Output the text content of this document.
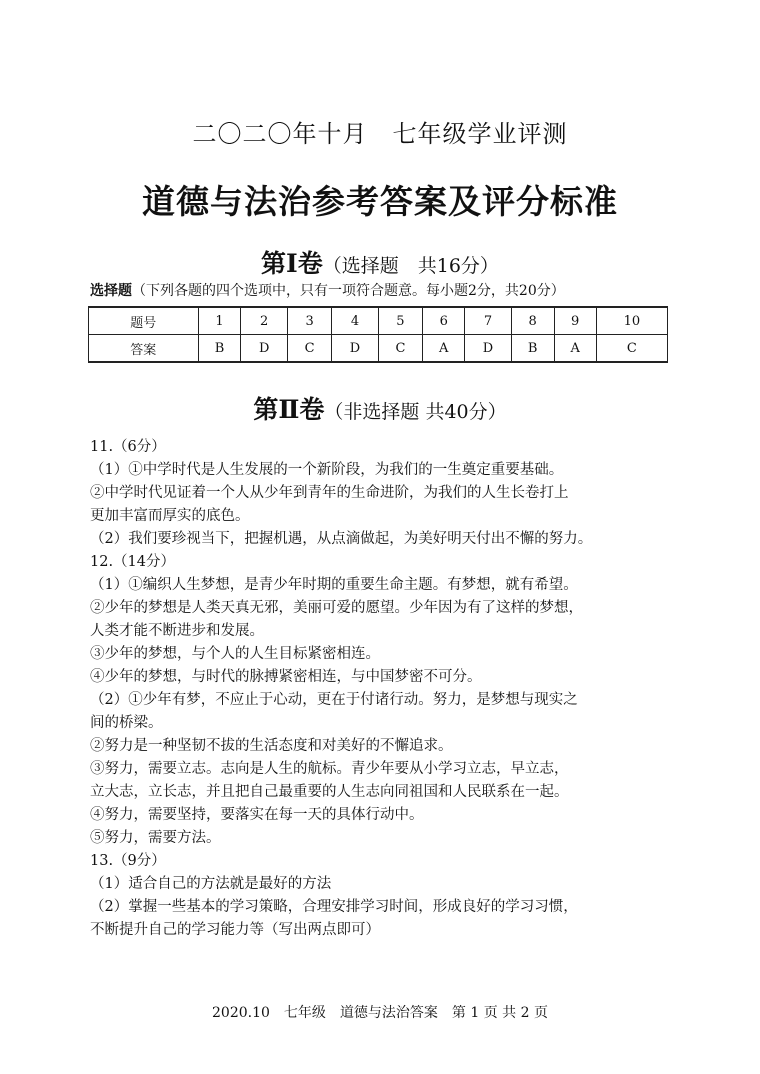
二〇二〇年十月　七年级学业评测
道德与法治参考答案及评分标准
第Ⅰ卷（选择题　共16分）
选择题（下列各题的四个选项中，只有一项符合题意。每小题2分，共20分）
题号	1	2	3	4	5	6	7	8	9	10
答案	B	D	C	D	C	A	D	B	A	C
第Ⅱ卷（非选择题 共40分）

11.（6分）

（1）①中学时代是人生发展的一个新阶段，为我们的一生奠定重要基础。

②中学时代见证着一个人从少年到青年的生命进阶，为我们的人生长卷打上

更加丰富而厚实的底色。

（2）我们要珍视当下，把握机遇，从点滴做起，为美好明天付出不懈的努力。

12.（14分）

（1）①编织人生梦想，是青少年时期的重要生命主题。有梦想，就有希望。

②少年的梦想是人类天真无邪，美丽可爱的愿望。少年因为有了这样的梦想，

人类才能不断进步和发展。

③少年的梦想，与个人的人生目标紧密相连。

④少年的梦想，与时代的脉搏紧密相连，与中国梦密不可分。

（2）①少年有梦，不应止于心动，更在于付诸行动。努力，是梦想与现实之

间的桥梁。

②努力是一种坚韧不拔的生活态度和对美好的不懈追求。

③努力，需要立志。志向是人生的航标。青少年要从小学习立志，早立志，

立大志，立长志，并且把自己最重要的人生志向同祖国和人民联系在一起。

④努力，需要坚持，要落实在每一天的具体行动中。

⑤努力，需要方法。

13.（9分）

（1）适合自己的方法就是最好的方法

（2）掌握一些基本的学习策略，合理安排学习时间，形成良好的学习习惯，

不断提升自己的学习能力等（写出两点即可）

2020.10　七年级　道德与法治答案　第 1 页 共 2 页
